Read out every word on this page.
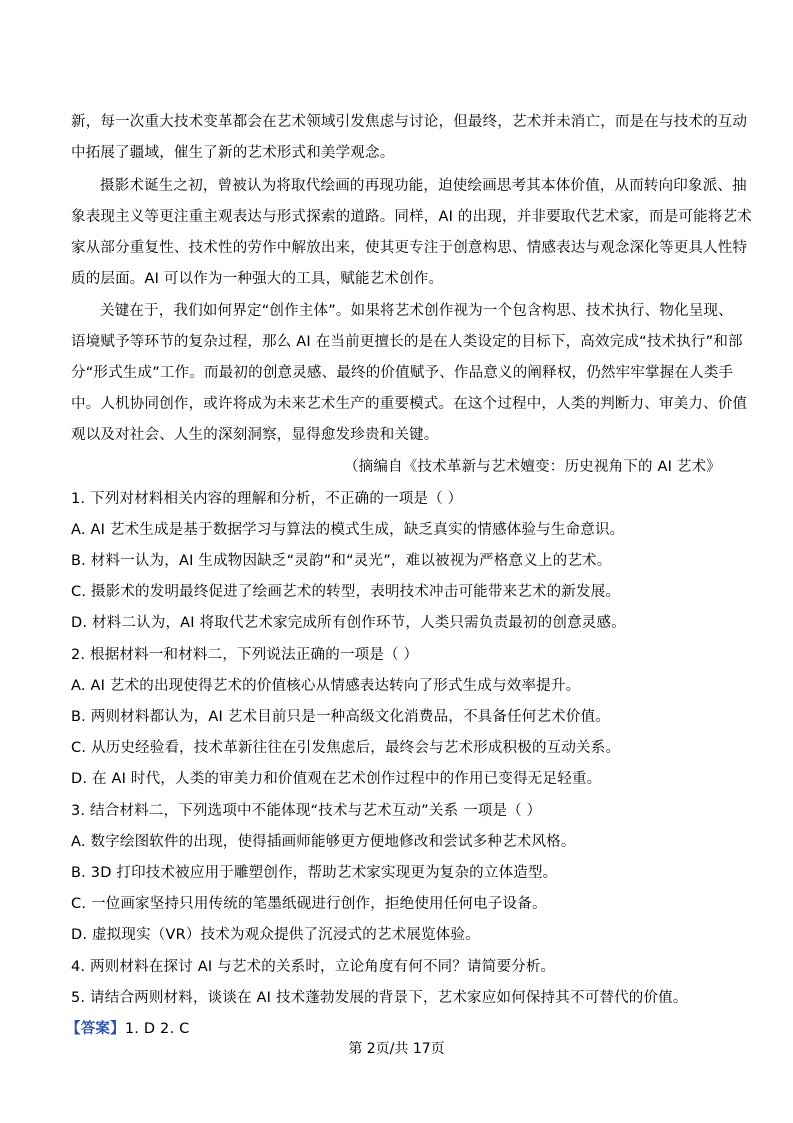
新，每一次重大技术变革都会在艺术领域引发焦虑与讨论，但最终，艺术并未消亡，而是在与技术的互动
中拓展了疆域，催生了新的艺术形式和美学观念。
摄影术诞生之初，曾被认为将取代绘画的再现功能，迫使绘画思考其本体价值，从而转向印象派、抽
象表现主义等更注重主观表达与形式探索的道路。同样，AI 的出现，并非要取代艺术家，而是可能将艺术
家从部分重复性、技术性的劳作中解放出来，使其更专注于创意构思、情感表达与观念深化等更具人性特
质的层面。AI 可以作为一种强大的工具，赋能艺术创作。
关键在于，我们如何界定“创作主体”。如果将艺术创作视为一个包含构思、技术执行、物化呈现、
语境赋予等环节的复杂过程，那么 AI 在当前更擅长的是在人类设定的目标下，高效完成“技术执行”和部
分“形式生成”工作。而最初的创意灵感、最终的价值赋予、作品意义的阐释权，仍然牢牢掌握在人类手
中。人机协同创作，或许将成为未来艺术生产的重要模式。在这个过程中，人类的判断力、审美力、价值
观以及对社会、人生的深刻洞察，显得愈发珍贵和关键。
（摘编自《技术革新与艺术嬗变：历史视角下的 AI 艺术》
1. 下列对材料相关内容的理解和分析，不正确的一项是（ ）
A. AI 艺术生成是基于数据学习与算法的模式生成，缺乏真实的情感体验与生命意识。
B. 材料一认为，AI 生成物因缺乏“灵韵”和“灵光”，难以被视为严格意义上的艺术。
C. 摄影术的发明最终促进了绘画艺术的转型，表明技术冲击可能带来艺术的新发展。
D. 材料二认为，AI 将取代艺术家完成所有创作环节，人类只需负责最初的创意灵感。
2. 根据材料一和材料二，下列说法正确的一项是（ ）
A. AI 艺术的出现使得艺术的价值核心从情感表达转向了形式生成与效率提升。
B. 两则材料都认为，AI 艺术目前只是一种高级文化消费品，不具备任何艺术价值。
C. 从历史经验看，技术革新往往在引发焦虑后，最终会与艺术形成积极的互动关系。
D. 在 AI 时代，人类的审美力和价值观在艺术创作过程中的作用已变得无足轻重。
3. 结合材料二，下列选项中不能体现“技术与艺术互动”关系 一项是（ ）
A. 数字绘图软件的出现，使得插画师能够更方便地修改和尝试多种艺术风格。
B. 3D 打印技术被应用于雕塑创作，帮助艺术家实现更为复杂的立体造型。
C. 一位画家坚持只用传统的笔墨纸砚进行创作，拒绝使用任何电子设备。
D. 虚拟现实（VR）技术为观众提供了沉浸式的艺术展览体验。
4. 两则材料在探讨 AI 与艺术的关系时，立论角度有何不同？请简要分析。
5. 请结合两则材料，谈谈在 AI 技术蓬勃发展的背景下，艺术家应如何保持其不可替代的价值。
【答案】1. D 2. C
第 2页/共 17页
